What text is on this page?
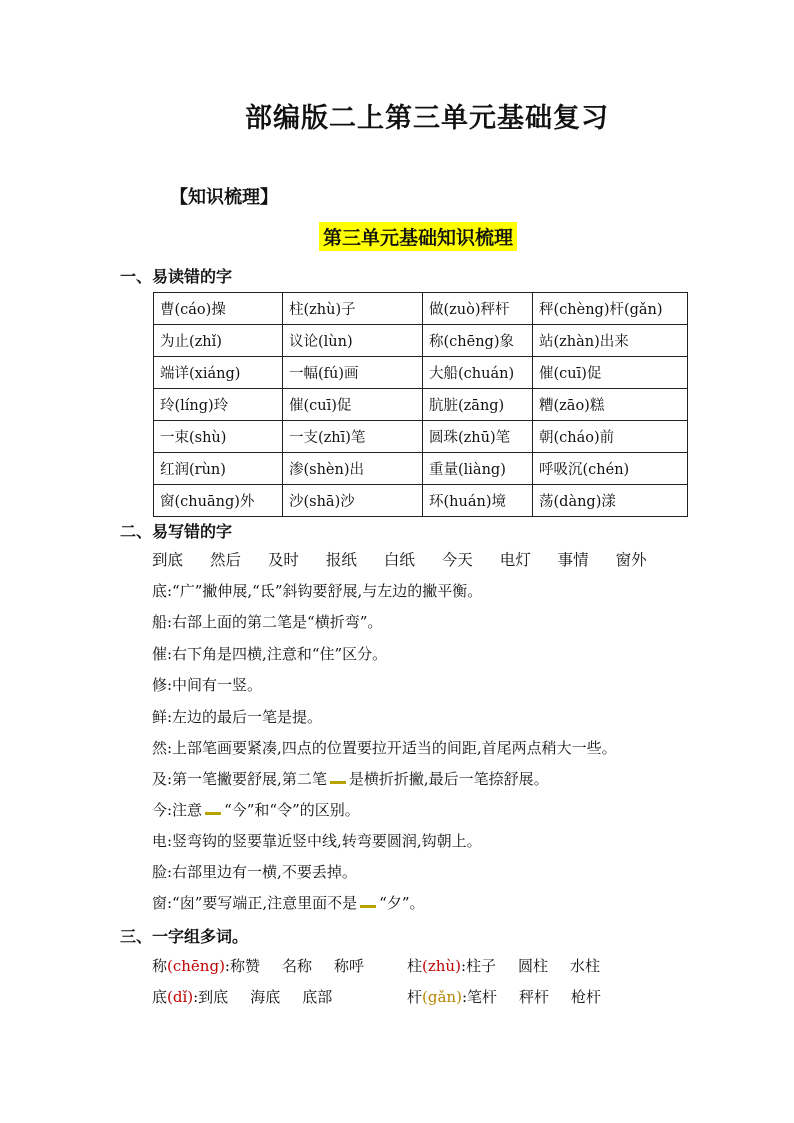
部编版二上第三单元基础复习
【知识梳理】
第三单元基础知识梳理
一、易读错的字
曹(cáo)操	柱(zhù)子	做(zuò)秤杆	秤(chèng)杆(gǎn)
为止(zhǐ)	议论(lùn)	称(chēng)象	站(zhàn)出来
端详(xiáng)	一幅(fú)画	大船(chuán)	催(cuī)促
玲(líng)玲	催(cuī)促	肮脏(zāng)	糟(zāo)糕
一束(shù)	一支(zhī)笔	圆珠(zhū)笔	朝(cháo)前
红润(rùn)	渗(shèn)出	重量(liàng)	呼吸沉(chén)
窗(chuāng)外	沙(shā)沙	环(huán)境	荡(dàng)漾
二、易写错的字
到底 然后 及时 报纸 白纸 今天 电灯 事情 窗外
底:“广”撇伸展,“氐”斜钩要舒展,与左边的撇平衡。
船:右部上面的第二笔是“横折弯”。
催:右下角是四横,注意和“住”区分。
修:中间有一竖。
鲜:左边的最后一笔是提。
然:上部笔画要紧凑,四点的位置要拉开适当的间距,首尾两点稍大一些。
及:第一笔撇要舒展,第二笔 是横折折撇,最后一笔捺舒展。
今:注意 “今”和“令”的区别。
电:竖弯钩的竖要靠近竖中线,转弯要圆润,钩朝上。
脸:右部里边有一横,不要丢掉。
窗:“囱”要写端正,注意里面不是 “夕”。
三、一字组多词。
称(chēng):称赞 名称 称呼
底(dǐ):到底 海底 底部
柱(zhù):柱子 圆柱 水柱
杆(gǎn):笔杆 秤杆 枪杆
